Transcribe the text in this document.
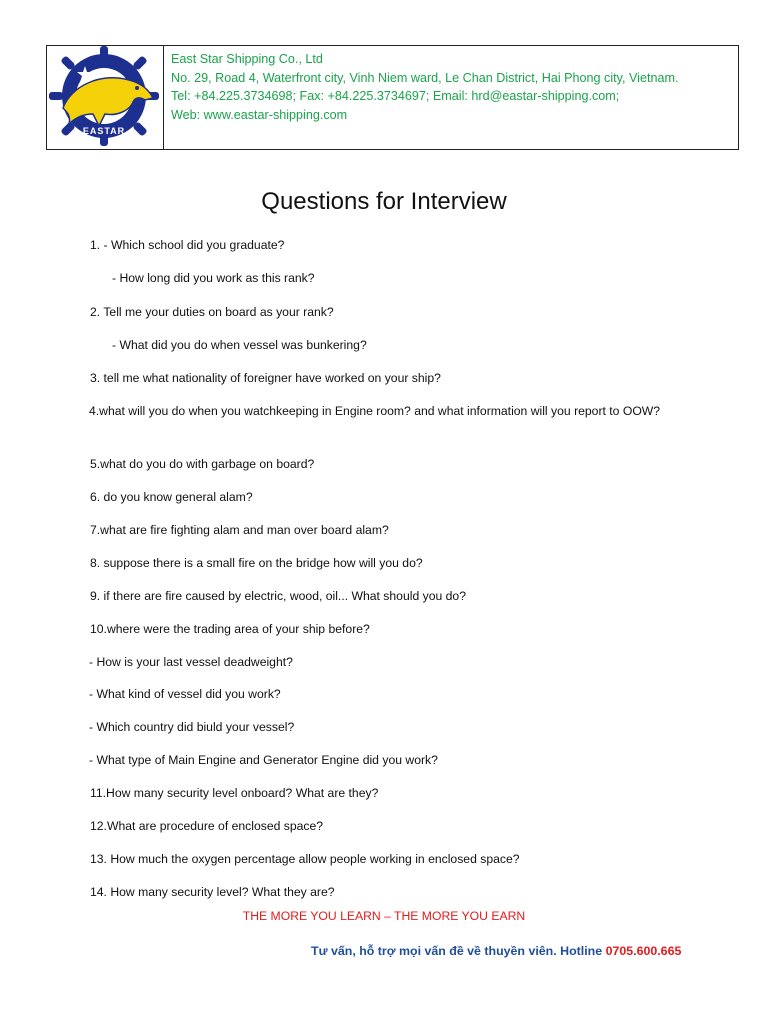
EASTAR
East Star Shipping Co., Ltd
No. 29, Road 4, Waterfront city, Vinh Niem ward, Le Chan District, Hai Phong city, Vietnam.
Tel: +84.225.3734698; Fax: +84.225.3734697; Email: hrd@eastar-shipping.com;
Web: www.eastar-shipping.com
Questions for Interview
1. - Which school did you graduate?
- How long did you work as this rank?
2. Tell me your duties on board as your rank?
- What did you do when vessel was bunkering?
3. tell me what nationality of foreigner have worked on your ship?
4.what will you do when you watchkeeping in Engine room? and what information will you report to OOW?
5.what do you do with garbage on board?
6. do you know general alam?
7.what are fire fighting alam and man over board alam?
8. suppose there is a small fire on the bridge how will you do?
9. if there are fire caused by electric, wood, oil... What should you do?
10.where were the trading area of your ship before?
- How is your last vessel deadweight?
- What kind of vessel did you work?
- Which country did biuld your vessel?
- What type of Main Engine and Generator Engine did you work?
11.How many security level onboard? What are they?
12.What are procedure of enclosed space?
13. How much the oxygen percentage allow people working in enclosed space?
14. How many security level? What they are?
THE MORE YOU LEARN – THE MORE YOU EARN
Tư vấn, hỗ trợ mọi vấn đề về thuyền viên. Hotline 0705.600.665
